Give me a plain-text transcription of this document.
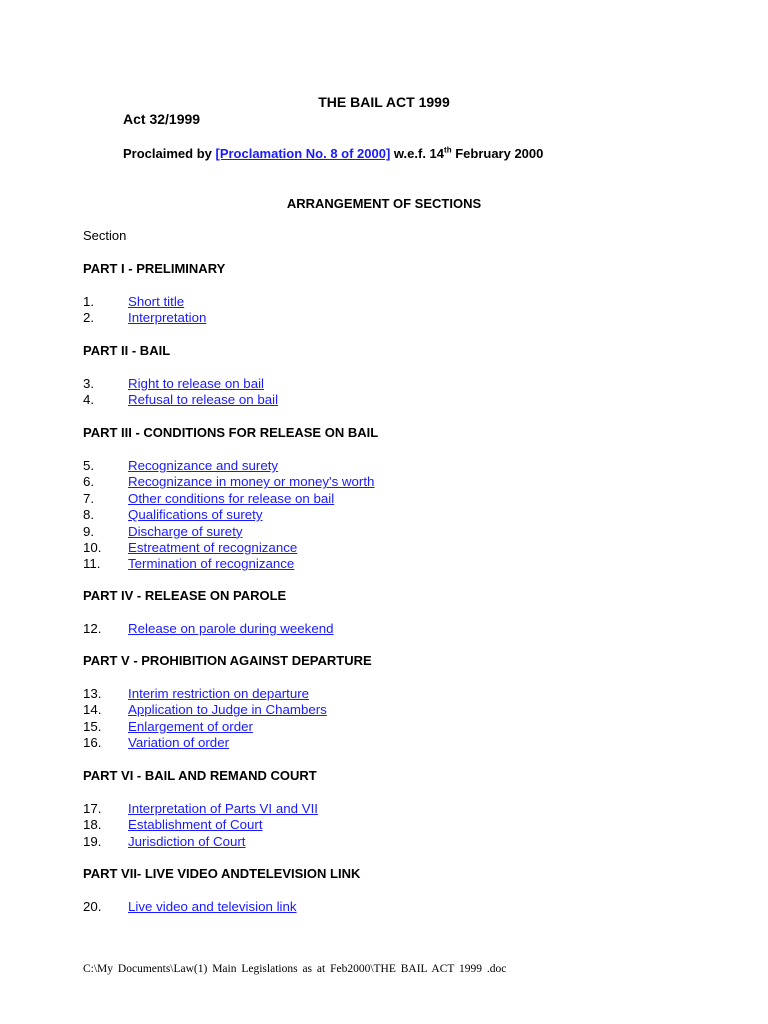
THE BAIL ACT 1999
Act 32/1999
Proclaimed by [Proclamation No. 8 of 2000] w.e.f. 14th February 2000
ARRANGEMENT OF SECTIONS
Section
PART I - PRELIMINARY
1.	Short title
2.	Interpretation
PART II - BAIL
3.	Right to release on bail
4.	Refusal to release on bail
PART III - CONDITIONS FOR RELEASE ON BAIL
5.	Recognizance and surety
6.	Recognizance in money or money's worth
7.	Other conditions for release on bail
8.	Qualifications of surety
9.	Discharge of surety
10.	Estreatment of recognizance
11.	Termination of recognizance
PART IV - RELEASE ON PAROLE
12.	Release on parole during weekend
PART V - PROHIBITION AGAINST DEPARTURE
13.	Interim restriction on departure
14.	Application to Judge in Chambers
15.	Enlargement of order
16.	Variation of order
PART VI - BAIL AND REMAND COURT
17.	Interpretation of Parts VI and VII
18.	Establishment of Court
19.	Jurisdiction of Court
PART VII- LIVE VIDEO ANDTELEVISION LINK
20.	Live video and television link
C:\My Documents\Law(1) Main Legislations as at Feb2000\THE BAIL ACT 1999 .doc
